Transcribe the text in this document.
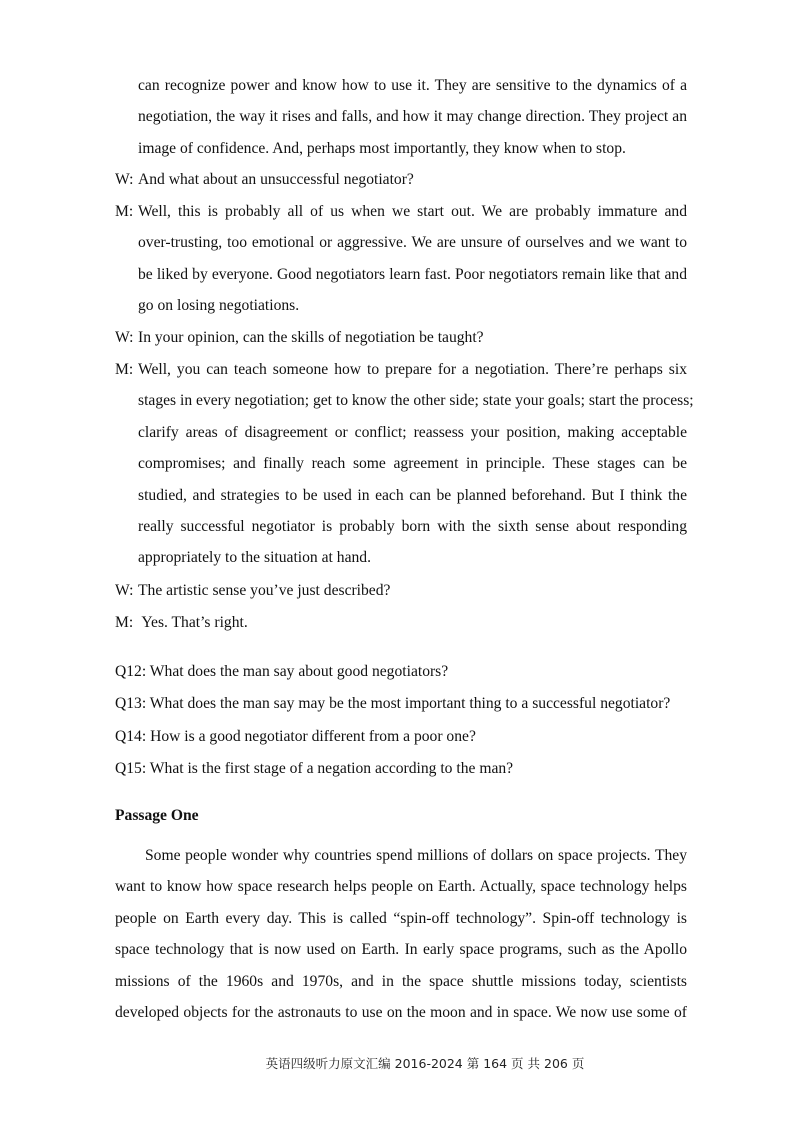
can recognize power and know how to use it. They are sensitive to the dynamics of a
negotiation, the way it rises and falls, and how it may change direction. They project an
image of confidence. And, perhaps most importantly, they know when to stop.
W: And what about an unsuccessful negotiator?
M: Well, this is probably all of us when we start out. We are probably immature and
over-trusting, too emotional or aggressive. We are unsure of ourselves and we want to
be liked by everyone. Good negotiators learn fast. Poor negotiators remain like that and
go on losing negotiations.
W: In your opinion, can the skills of negotiation be taught?
M: Well, you can teach someone how to prepare for a negotiation. There’re perhaps six
stages in every negotiation; get to know the other side; state your goals; start the process;
clarify areas of disagreement or conflict; reassess your position, making acceptable
compromises; and finally reach some agreement in principle. These stages can be
studied, and strategies to be used in each can be planned beforehand. But I think the
really successful negotiator is probably born with the sixth sense about responding
appropriately to the situation at hand.
W: The artistic sense you’ve just described?
M: Yes. That’s right.
Q12: What does the man say about good negotiators?
Q13: What does the man say may be the most important thing to a successful negotiator?
Q14: How is a good negotiator different from a poor one?
Q15: What is the first stage of a negation according to the man?
Passage One
Some people wonder why countries spend millions of dollars on space projects. They
want to know how space research helps people on Earth. Actually, space technology helps
people on Earth every day. This is called “spin-off technology”. Spin-off technology is
space technology that is now used on Earth. In early space programs, such as the Apollo
missions of the 1960s and 1970s, and in the space shuttle missions today, scientists
developed objects for the astronauts to use on the moon and in space. We now use some of
英语四级听力原文汇编 2016-2024 第 164 页 共 206 页
